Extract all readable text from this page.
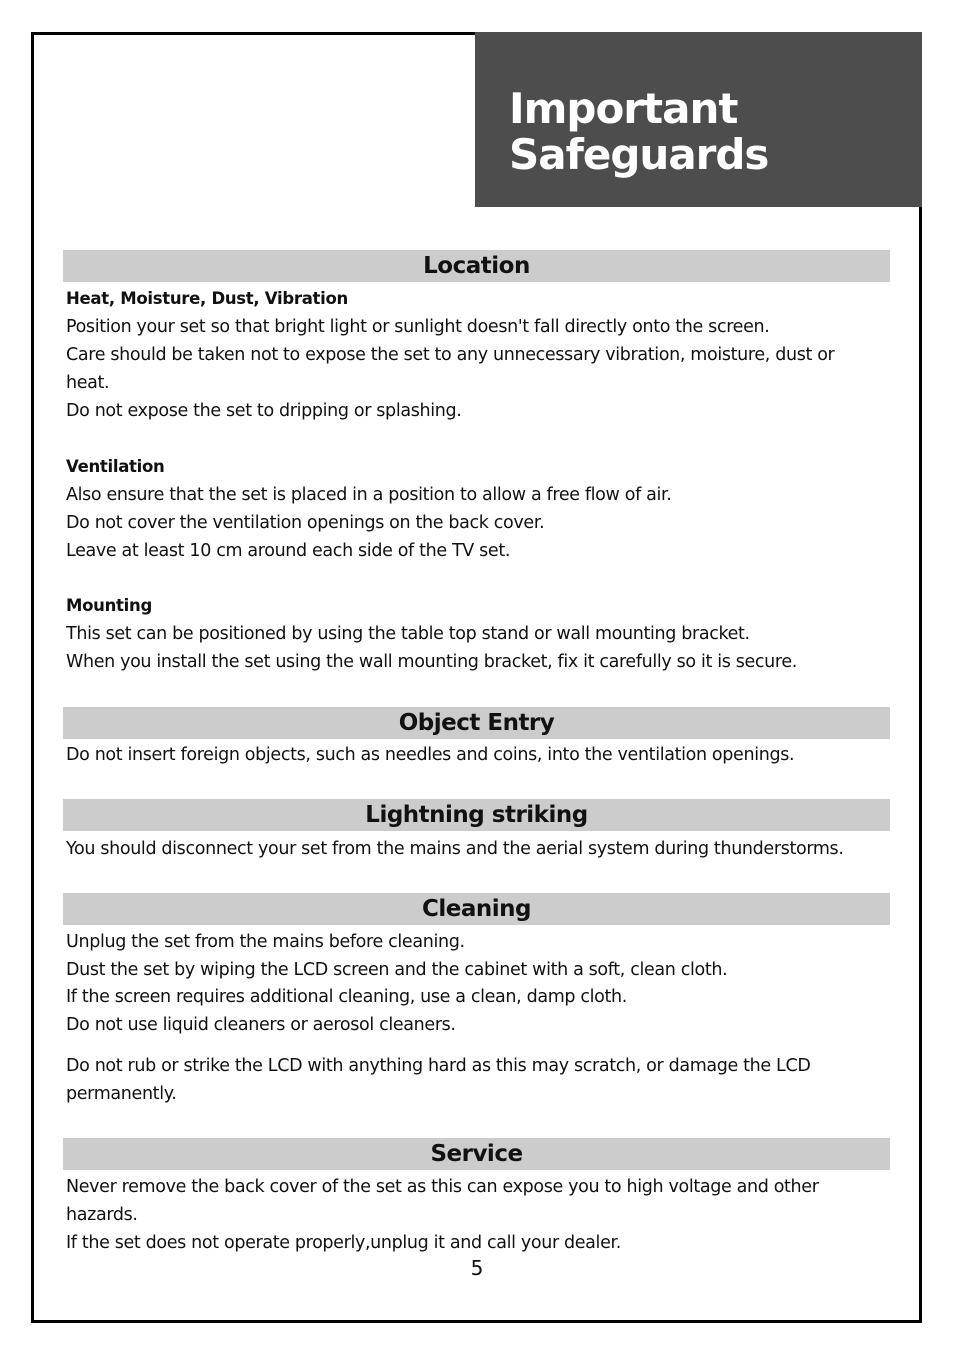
Important
Safeguards
Location

Heat, Moisture, Dust, Vibration

Position your set so that bright light or sunlight doesn't fall directly onto the screen.

Care should be taken not to expose the set to any unnecessary vibration, moisture, dust or

heat.

Do not expose the set to dripping or splashing.

Ventilation

Also ensure that the set is placed in a position to allow a free flow of air.

Do not cover the ventilation openings on the back cover.

Leave at least 10 cm around each side of the TV set.

Mounting

This set can be positioned by using the table top stand or wall mounting bracket.

When you install the set using the wall mounting bracket, fix it carefully so it is secure.

Object Entry

Do not insert foreign objects, such as needles and coins, into the ventilation openings.

Lightning striking

You should disconnect your set from the mains and the aerial system during thunderstorms.

Cleaning

Unplug the set from the mains before cleaning.

Dust the set by wiping the LCD screen and the cabinet with a soft, clean cloth.

If the screen requires additional cleaning, use a clean, damp cloth.

Do not use liquid cleaners or aerosol cleaners.

Do not rub or strike the LCD with anything hard as this may scratch, or damage the LCD

permanently.

Service

Never remove the back cover of the set as this can expose you to high voltage and other

hazards.

If the set does not operate properly,unplug it and call your dealer.

5
